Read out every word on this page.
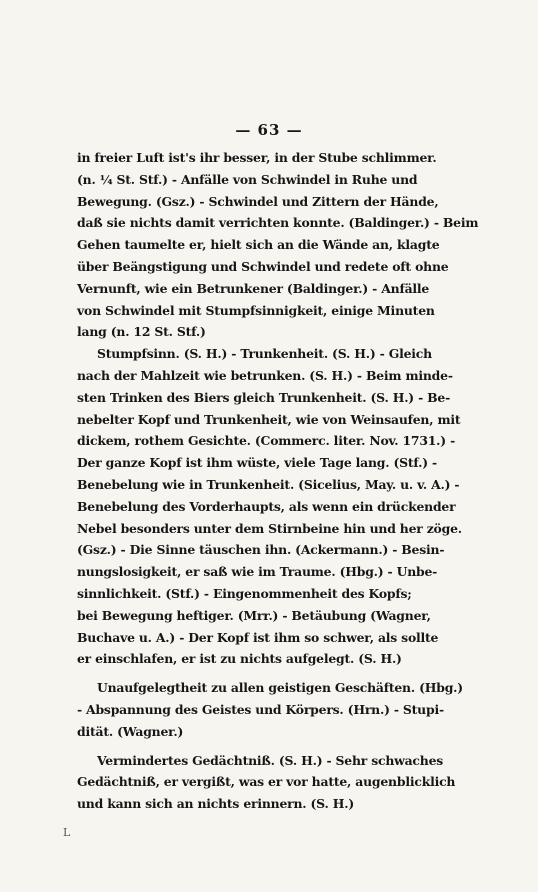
— 63 —
in freier Luft ist's ihr besser, in der Stube schlimmer.
(n. ¼ St. Stf.) - Anfälle von Schwindel in Ruhe und
Bewegung. (Gsz.) - Schwindel und Zittern der Hände,
daß sie nichts damit verrichten konnte. (Baldinger.) - Beim
Gehen taumelte er, hielt sich an die Wände an, klagte
über Beängstigung und Schwindel und redete oft ohne
Vernunft, wie ein Betrunkener (Baldinger.) - Anfälle
von Schwindel mit Stumpfsinnigkeit, einige Minuten
lang (n. 12 St. Stf.)
Stumpfsinn. (S. H.) - Trunkenheit. (S. H.) - Gleich
nach der Mahlzeit wie betrunken. (S. H.) - Beim minde-
sten Trinken des Biers gleich Trunkenheit. (S. H.) - Be-
nebelter Kopf und Trunkenheit, wie von Weinsaufen, mit
dickem, rothem Gesichte. (Commerc. liter. Nov. 1731.) -
Der ganze Kopf ist ihm wüste, viele Tage lang. (Stf.) -
Benebelung wie in Trunkenheit. (Sicelius, May. u. v. A.) -
Benebelung des Vorderhaupts, als wenn ein drückender
Nebel besonders unter dem Stirnbeine hin und her zöge.
(Gsz.) - Die Sinne täuschen ihn. (Ackermann.) - Besin-
nungslosigkeit, er saß wie im Traume. (Hbg.) - Unbe-
sinnlichkeit. (Stf.) - Eingenommenheit des Kopfs;
bei Bewegung heftiger. (Mrr.) - Betäubung (Wagner,
Buchave u. A.) - Der Kopf ist ihm so schwer, als sollte
er einschlafen, er ist zu nichts aufgelegt. (S. H.)
Unaufgelegtheit zu allen geistigen Geschäften. (Hbg.)
- Abspannung des Geistes und Körpers. (Hrn.) - Stupi-
dität. (Wagner.)
Vermindertes Gedächtniß. (S. H.) - Sehr schwaches
Gedächtniß, er vergißt, was er vor hatte, augenblicklich
und kann sich an nichts erinnern. (S. H.)
L
